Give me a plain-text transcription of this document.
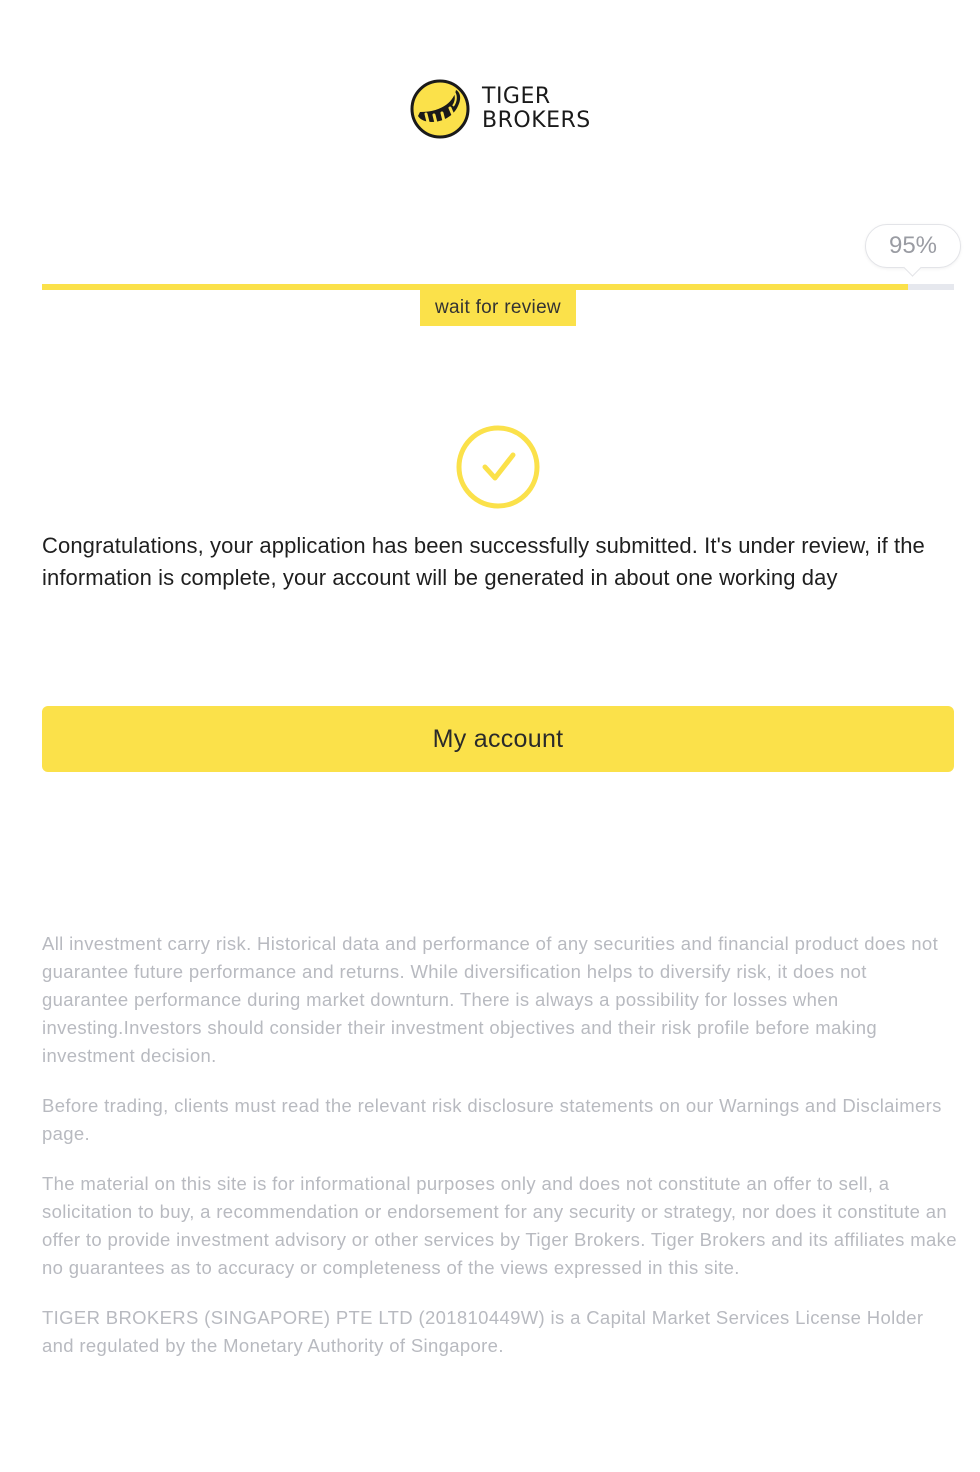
TIGER
BROKERS
95%
wait for review

Congratulations, your application has been successfully submitted. It's under review, if the information is complete, your account will be generated in about one working day

My account

All investment carry risk. Historical data and performance of any securities and financial product does not guarantee future performance and returns. While diversification helps to diversify risk, it does not guarantee performance during market downturn. There is always a possibility for losses when investing.Investors should consider their investment objectives and their risk profile before making investment decision.

Before trading, clients must read the relevant risk disclosure statements on our Warnings and Disclaimers page.

The material on this site is for informational purposes only and does not constitute an offer to sell, a solicitation to buy, a recommendation or endorsement for any security or strategy, nor does it constitute an offer to provide investment advisory or other services by Tiger Brokers. Tiger Brokers and its affiliates make no guarantees as to accuracy or completeness of the views expressed in this site.

TIGER BROKERS (SINGAPORE) PTE LTD (201810449W) is a Capital Market Services License Holder and regulated by the Monetary Authority of Singapore.
